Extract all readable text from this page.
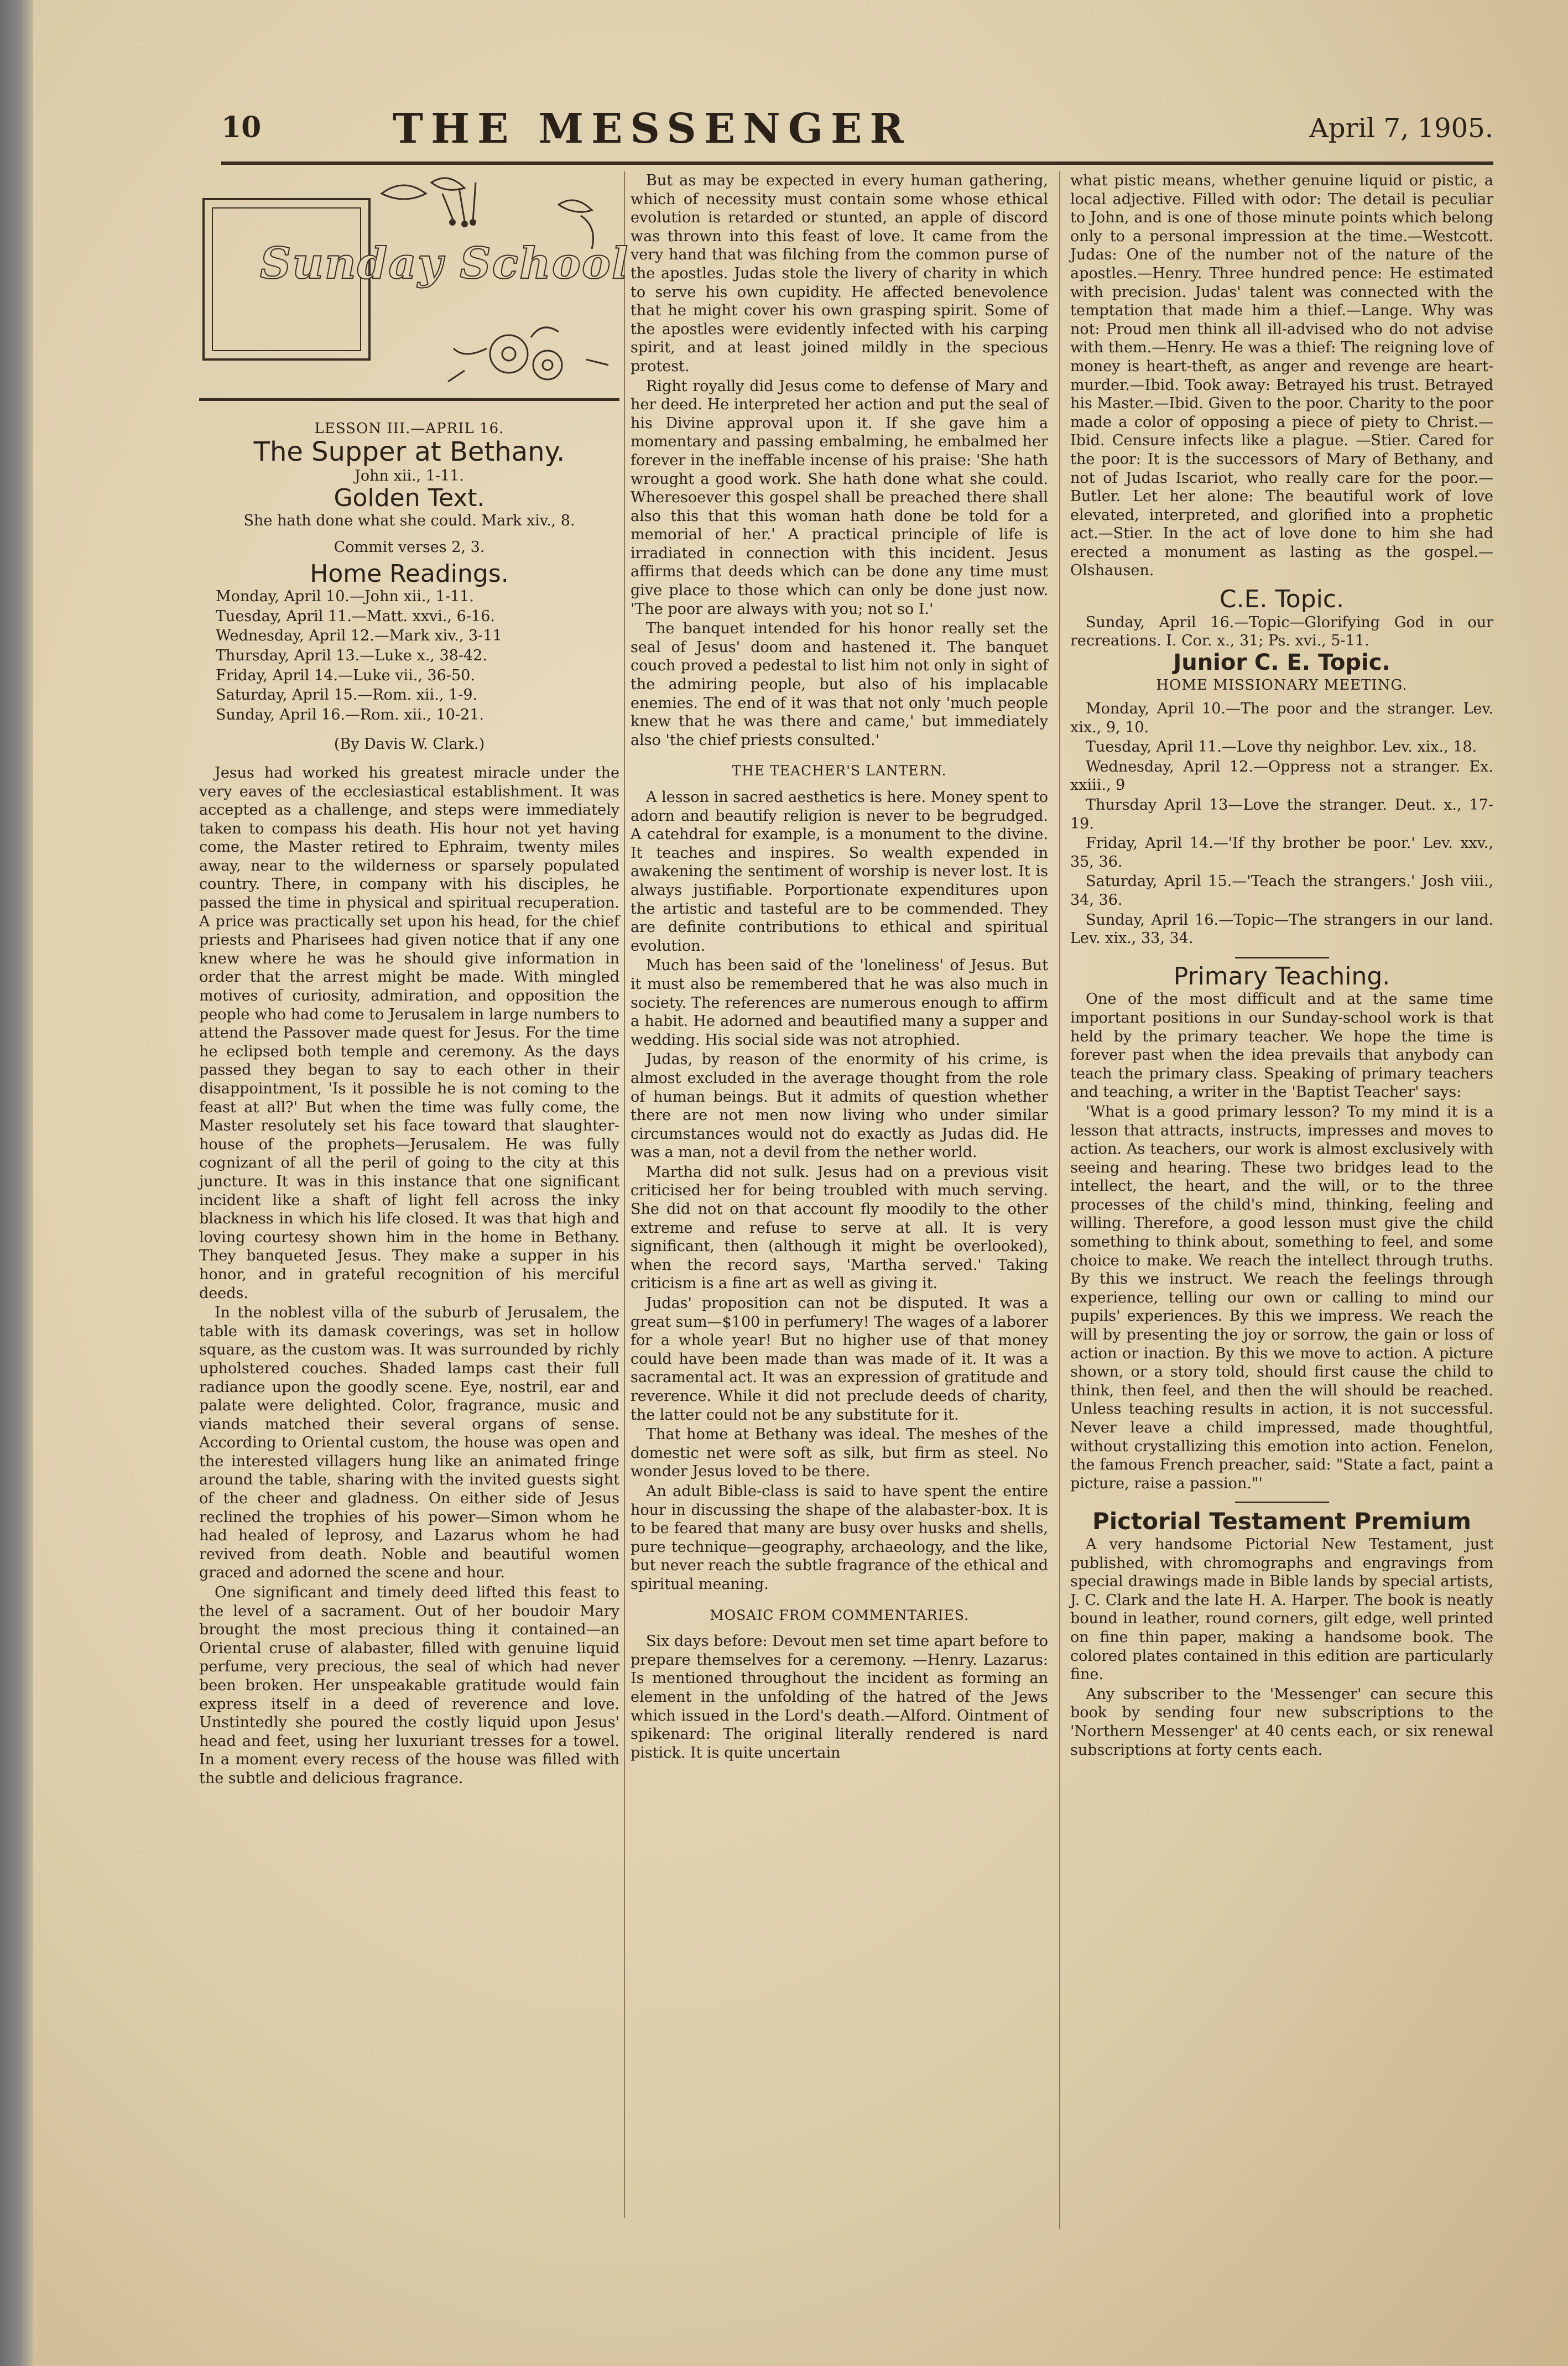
10	THE MESSENGER	April 7, 1905.
Sunday School

LESSON III.—APRIL 16.

The Supper at Bethany.

John xii., 1-11.

Golden Text.

She hath done what she could. Mark xiv., 8.

Commit verses 2, 3.

Home Readings.

Monday, April 10.—John xii., 1-11.

Tuesday, April 11.—Matt. xxvi., 6-16.

Wednesday, April 12.—Mark xiv., 3-11

Thursday, April 13.—Luke x., 38-42.

Friday, April 14.—Luke vii., 36-50.

Saturday, April 15.—Rom. xii., 1-9.

Sunday, April 16.—Rom. xii., 10-21.

(By Davis W. Clark.)

Jesus had worked his greatest miracle under the very eaves of the ecclesiastical establishment. It was accepted as a challenge, and steps were immediately taken to compass his death. His hour not yet having come, the Master retired to Ephraim, twenty miles away, near to the wilderness or sparsely populated country. There, in company with his disciples, he passed the time in physical and spiritual recuperation. A price was practically set upon his head, for the chief priests and Pharisees had given notice that if any one knew where he was he should give information in order that the arrest might be made. With mingled motives of curiosity, admiration, and opposition the people who had come to Jerusalem in large numbers to attend the Passover made quest for Jesus. For the time he eclipsed both temple and ceremony. As the days passed they began to say to each other in their disappointment, 'Is it possible he is not coming to the feast at all?' But when the time was fully come, the Master resolutely set his face toward that slaughter-house of the prophets—Jerusalem. He was fully cognizant of all the peril of going to the city at this juncture. It was in this instance that one significant incident like a shaft of light fell across the inky blackness in which his life closed. It was that high and loving courtesy shown him in the home in Bethany. They banqueted Jesus. They make a supper in his honor, and in grateful recognition of his merciful deeds.

In the noblest villa of the suburb of Jerusalem, the table with its damask coverings, was set in hollow square, as the custom was. It was surrounded by richly upholstered couches. Shaded lamps cast their full radiance upon the goodly scene. Eye, nostril, ear and palate were delighted. Color, fragrance, music and viands matched their several organs of sense. According to Oriental custom, the house was open and the interested villagers hung like an animated fringe around the table, sharing with the invited guests sight of the cheer and gladness. On either side of Jesus reclined the trophies of his power—Simon whom he had healed of leprosy, and Lazarus whom he had revived from death. Noble and beautiful women graced and adorned the scene and hour.

One significant and timely deed lifted this feast to the level of a sacrament. Out of her boudoir Mary brought the most precious thing it contained—an Oriental cruse of alabaster, filled with genuine liquid perfume, very precious, the seal of which had never been broken. Her unspeakable gratitude would fain express itself in a deed of reverence and love. Unstintedly she poured the costly liquid upon Jesus' head and feet, using her luxuriant tresses for a towel. In a moment every recess of the house was filled with the subtle and delicious fragrance.

But as may be expected in every human gathering, which of necessity must contain some whose ethical evolution is retarded or stunted, an apple of discord was thrown into this feast of love. It came from the very hand that was filching from the common purse of the apostles. Judas stole the livery of charity in which to serve his own cupidity. He affected benevolence that he might cover his own grasping spirit. Some of the apostles were evidently infected with his carping spirit, and at least joined mildly in the specious protest.

Right royally did Jesus come to defense of Mary and her deed. He interpreted her action and put the seal of his Divine approval upon it. If she gave him a momentary and passing embalming, he embalmed her forever in the ineffable incense of his praise: 'She hath wrought a good work. She hath done what she could. Wheresoever this gospel shall be preached there shall also this that this woman hath done be told for a memorial of her.' A practical principle of life is irradiated in connection with this incident. Jesus affirms that deeds which can be done any time must give place to those which can only be done just now. 'The poor are always with you; not so I.'

The banquet intended for his honor really set the seal of Jesus' doom and hastened it. The banquet couch proved a pedestal to list him not only in sight of the admiring people, but also of his implacable enemies. The end of it was that not only 'much people knew that he was there and came,' but immediately also 'the chief priests consulted.'

THE TEACHER'S LANTERN.

A lesson in sacred aesthetics is here. Money spent to adorn and beautify religion is never to be begrudged. A catehdral for example, is a monument to the divine. It teaches and inspires. So wealth expended in awakening the sentiment of worship is never lost. It is always justifiable. Porportionate expenditures upon the artistic and tasteful are to be commended. They are definite contributions to ethical and spiritual evolution.

Much has been said of the 'loneliness' of Jesus. But it must also be remembered that he was also much in society. The references are numerous enough to affirm a habit. He adorned and beautified many a supper and wedding. His social side was not atrophied.

Judas, by reason of the enormity of his crime, is almost excluded in the average thought from the role of human beings. But it admits of question whether there are not men now living who under similar circumstances would not do exactly as Judas did. He was a man, not a devil from the nether world.

Martha did not sulk. Jesus had on a previous visit criticised her for being troubled with much serving. She did not on that account fly moodily to the other extreme and refuse to serve at all. It is very significant, then (although it might be overlooked), when the record says, 'Martha served.' Taking criticism is a fine art as well as giving it.

Judas' proposition can not be disputed. It was a great sum—$100 in perfumery! The wages of a laborer for a whole year! But no higher use of that money could have been made than was made of it. It was a sacramental act. It was an expression of gratitude and reverence. While it did not preclude deeds of charity, the latter could not be any substitute for it.

That home at Bethany was ideal. The meshes of the domestic net were soft as silk, but firm as steel. No wonder Jesus loved to be there.

An adult Bible-class is said to have spent the entire hour in discussing the shape of the alabaster-box. It is to be feared that many are busy over husks and shells, pure technique—geography, archaeology, and the like, but never reach the subtle fragrance of the ethical and spiritual meaning.

MOSAIC FROM COMMENTARIES.

Six days before: Devout men set time apart before to prepare themselves for a ceremony. —Henry. Lazarus: Is mentioned throughout the incident as forming an element in the unfolding of the hatred of the Jews which issued in the Lord's death.—Alford. Ointment of spikenard: The original literally rendered is nard pistick. It is quite uncertain

what pistic means, whether genuine liquid or pistic, a local adjective. Filled with odor: The detail is peculiar to John, and is one of those minute points which belong only to a personal impression at the time.—Westcott. Judas: One of the number not of the nature of the apostles.—Henry. Three hundred pence: He estimated with precision. Judas' talent was connected with the temptation that made him a thief.—Lange. Why was not: Proud men think all ill-advised who do not advise with them.—Henry. He was a thief: The reigning love of money is heart-theft, as anger and revenge are heart-murder.—Ibid. Took away: Betrayed his trust. Betrayed his Master.—Ibid. Given to the poor. Charity to the poor made a color of opposing a piece of piety to Christ.—Ibid. Censure infects like a plague. —Stier. Cared for the poor: It is the successors of Mary of Bethany, and not of Judas Iscariot, who really care for the poor.—Butler. Let her alone: The beautiful work of love elevated, interpreted, and glorified into a prophetic act.—Stier. In the act of love done to him she had erected a monument as lasting as the gospel.—Olshausen.

C.E. Topic.

Sunday, April 16.—Topic—Glorifying God in our recreations. I. Cor. x., 31; Ps. xvi., 5-11.

Junior C. E. Topic.

HOME MISSIONARY MEETING.

Monday, April 10.—The poor and the stranger. Lev. xix., 9, 10.

Tuesday, April 11.—Love thy neighbor. Lev. xix., 18.

Wednesday, April 12.—Oppress not a stranger. Ex. xxiii., 9

Thursday April 13—Love the stranger. Deut. x., 17-19.

Friday, April 14.—'If thy brother be poor.' Lev. xxv., 35, 36.

Saturday, April 15.—'Teach the strangers.' Josh viii., 34, 36.

Sunday, April 16.—Topic—The strangers in our land. Lev. xix., 33, 34.

Primary Teaching.

One of the most difficult and at the same time important positions in our Sunday-school work is that held by the primary teacher. We hope the time is forever past when the idea prevails that anybody can teach the primary class. Speaking of primary teachers and teaching, a writer in the 'Baptist Teacher' says:

'What is a good primary lesson? To my mind it is a lesson that attracts, instructs, impresses and moves to action. As teachers, our work is almost exclusively with seeing and hearing. These two bridges lead to the intellect, the heart, and the will, or to the three processes of the child's mind, thinking, feeling and willing. Therefore, a good lesson must give the child something to think about, something to feel, and some choice to make. We reach the intellect through truths. By this we instruct. We reach the feelings through experience, telling our own or calling to mind our pupils' experiences. By this we impress. We reach the will by presenting the joy or sorrow, the gain or loss of action or inaction. By this we move to action. A picture shown, or a story told, should first cause the child to think, then feel, and then the will should be reached. Unless teaching results in action, it is not successful. Never leave a child impressed, made thoughtful, without crystallizing this emotion into action. Fenelon, the famous French preacher, said: "State a fact, paint a picture, raise a passion."'

Pictorial Testament Premium

A very handsome Pictorial New Testament, just published, with chromographs and engravings from special drawings made in Bible lands by special artists, J. C. Clark and the late H. A. Harper. The book is neatly bound in leather, round corners, gilt edge, well printed on fine thin paper, making a handsome book. The colored plates contained in this edition are particularly fine.

Any subscriber to the 'Messenger' can secure this book by sending four new subscriptions to the 'Northern Messenger' at 40 cents each, or six renewal subscriptions at forty cents each.
